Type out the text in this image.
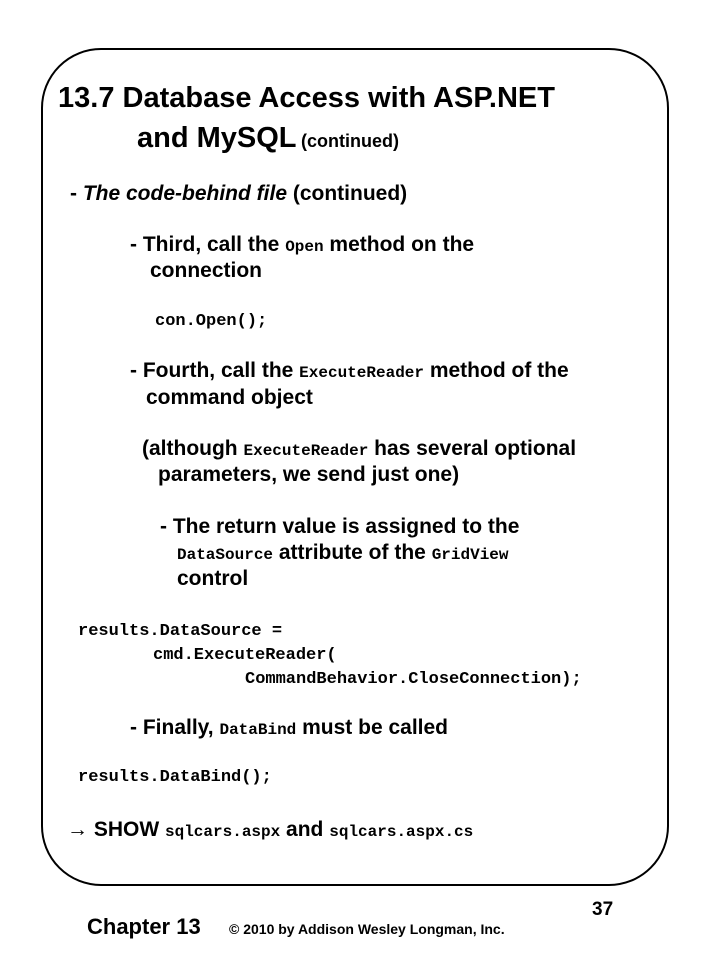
13.7 Database Access with ASP.NET
and MySQL (continued)
- The code-behind file (continued)
- Third, call the Open method on the
connection
con.Open();
- Fourth, call the ExecuteReader method of the
command object
(although ExecuteReader has several optional
parameters, we send just one)
- The return value is assigned to the
DataSource attribute of the GridView
control
results.DataSource =
cmd.ExecuteReader(
CommandBehavior.CloseConnection);
- Finally, DataBind must be called
results.DataBind();
→ SHOW sqlcars.aspx and sqlcars.aspx.cs
Chapter 13 © 2010 by Addison Wesley Longman, Inc.
37
